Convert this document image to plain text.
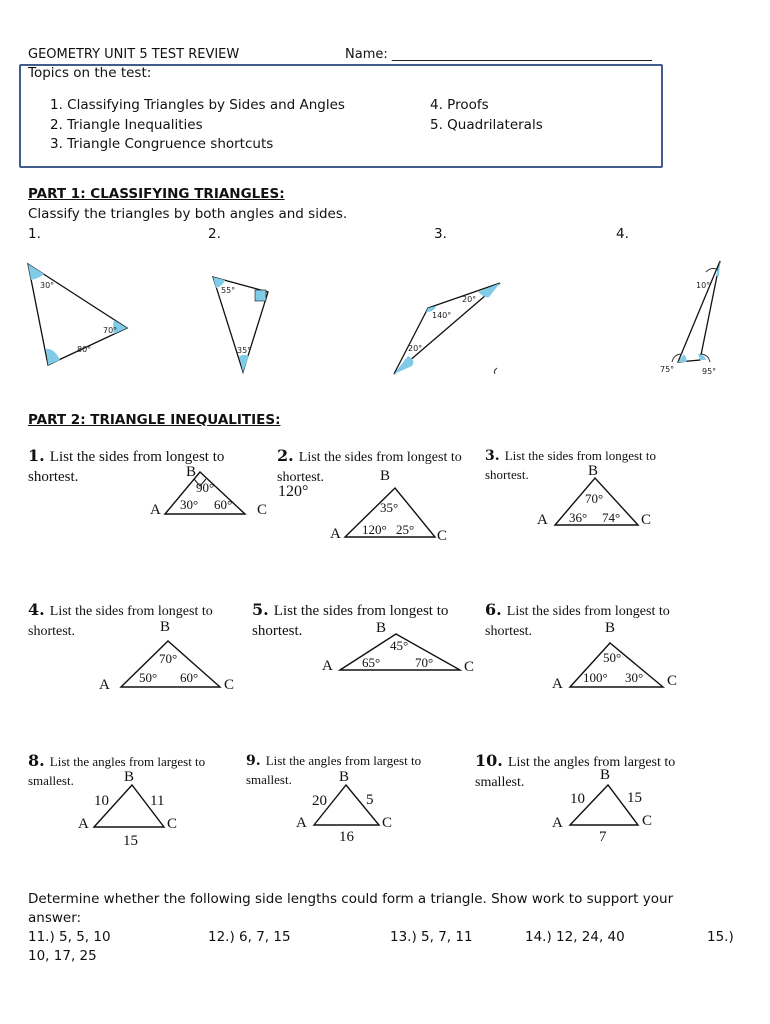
GEOMETRY UNIT 5 TEST REVIEW	Name: ________________________________________
Topics on the test:
1. Classifying Triangles by Sides and Angles
2. Triangle Inequalities
3. Triangle Congruence shortcuts
4. Proofs
5. Quadrilaterals
PART 1: CLASSIFYING TRIANGLES:
Classify the triangles by both angles and sides.
1.	2.	3.	4.
30°
70°
80°
55°
35°
20°
140°
20°
10°
75°	95°
PART 2: TRIANGLE INEQUALITIES:
1. List the sides from longest to
shortest.
A
B
C
90°
30° 60°
2. List the sides from longest to
shortest.
120°
A
B
C
35°
120° 25°
3. List the sides from longest to
shortest.
A
B
C
70°
36° 74°
4. List the sides from longest to
shortest.
A
B
C
70°
50° 60°
5. List the sides from longest to
shortest.
A
B
C
45°
65°	70°
6. List the sides from longest to
shortest.
A
B
C
50°
100° 30°
8. List the angles from largest to
smallest.
A
B
C
10	11
15
9. List the angles from largest to
smallest.
A
B
C
20	5
16
10. List the angles from largest to
smallest.
A
B
C
10	15
7
Determine whether the following side lengths could form a triangle. Show work to support your
answer:
11.) 5, 5, 10	12.) 6, 7, 15	13.) 5, 7, 11	14.) 12, 24, 40	15.)
10, 17, 25
